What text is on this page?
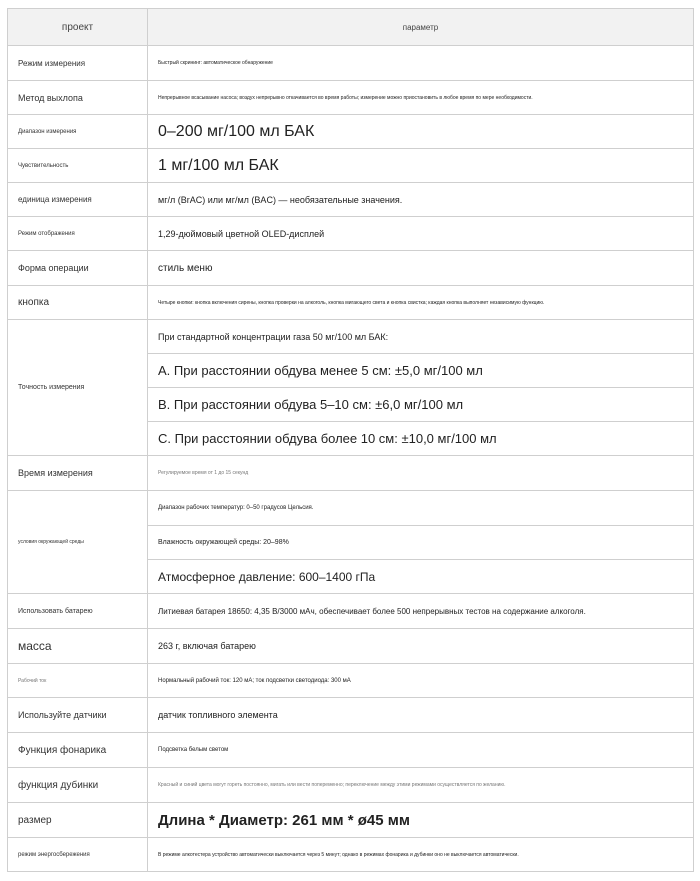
проект	параметр
Режим измерения	Быстрый скрининг: автоматическое обнаружение
Метод выхлопа	Непрерывное всасывание насоса; воздух непрерывно откачивается во время работы; измерение можно приостановить в любое время по мере необходимости.
Диапазон измерения	0–200 мг/100 мл БАК
Чувствительность	1 мг/100 мл БАК
единица измерения	мг/л (BrAC) или мг/мл (BAC) — необязательные значения.
Режим отображения	1,29-дюймовый цветной OLED-дисплей
Форма операции	стиль меню
кнопка	Четыре кнопки: кнопка включения сирены, кнопка проверки на алкоголь, кнопка мигающего света и кнопка свистка; каждая кнопка выполняет независимую функцию.
Точность измерения	При стандартной концентрации газа 50 мг/100 мл БАК:
	A. При расстоянии обдува менее 5 см: ±5,0 мг/100 мл
	B. При расстоянии обдува 5–10 см: ±6,0 мг/100 мл
	C. При расстоянии обдува более 10 см: ±10,0 мг/100 мл
Время измерения	Регулируемое время от 1 до 15 секунд
условия окружающей среды	Диапазон рабочих температур: 0–50 градусов Цельсия.
	Влажность окружающей среды: 20–98%
	Атмосферное давление: 600–1400 гПа
Использовать батарею	Литиевая батарея 18650: 4,35 В/3000 мАч, обеспечивает более 500 непрерывных тестов на содержание алкоголя.
масса	263 г, включая батарею
Рабочий ток	Нормальный рабочий ток: 120 мА; ток подсветки светодиода: 300 мА
Используйте датчики	датчик топливного элемента
Функция фонарика	Подсветка белым светом
функция дубинки	Красный и синий цвета могут гореть постоянно, мигать или вести попеременно; переключение между этими режимами осуществляется по желанию.
размер	Длина * Диаметр: 261 мм * ø45 мм
режим энергосбережения	В режиме алкотестера устройство автоматически выключается через 5 минут; однако в режимах фонарика и дубинки оно не выключается автоматически.
